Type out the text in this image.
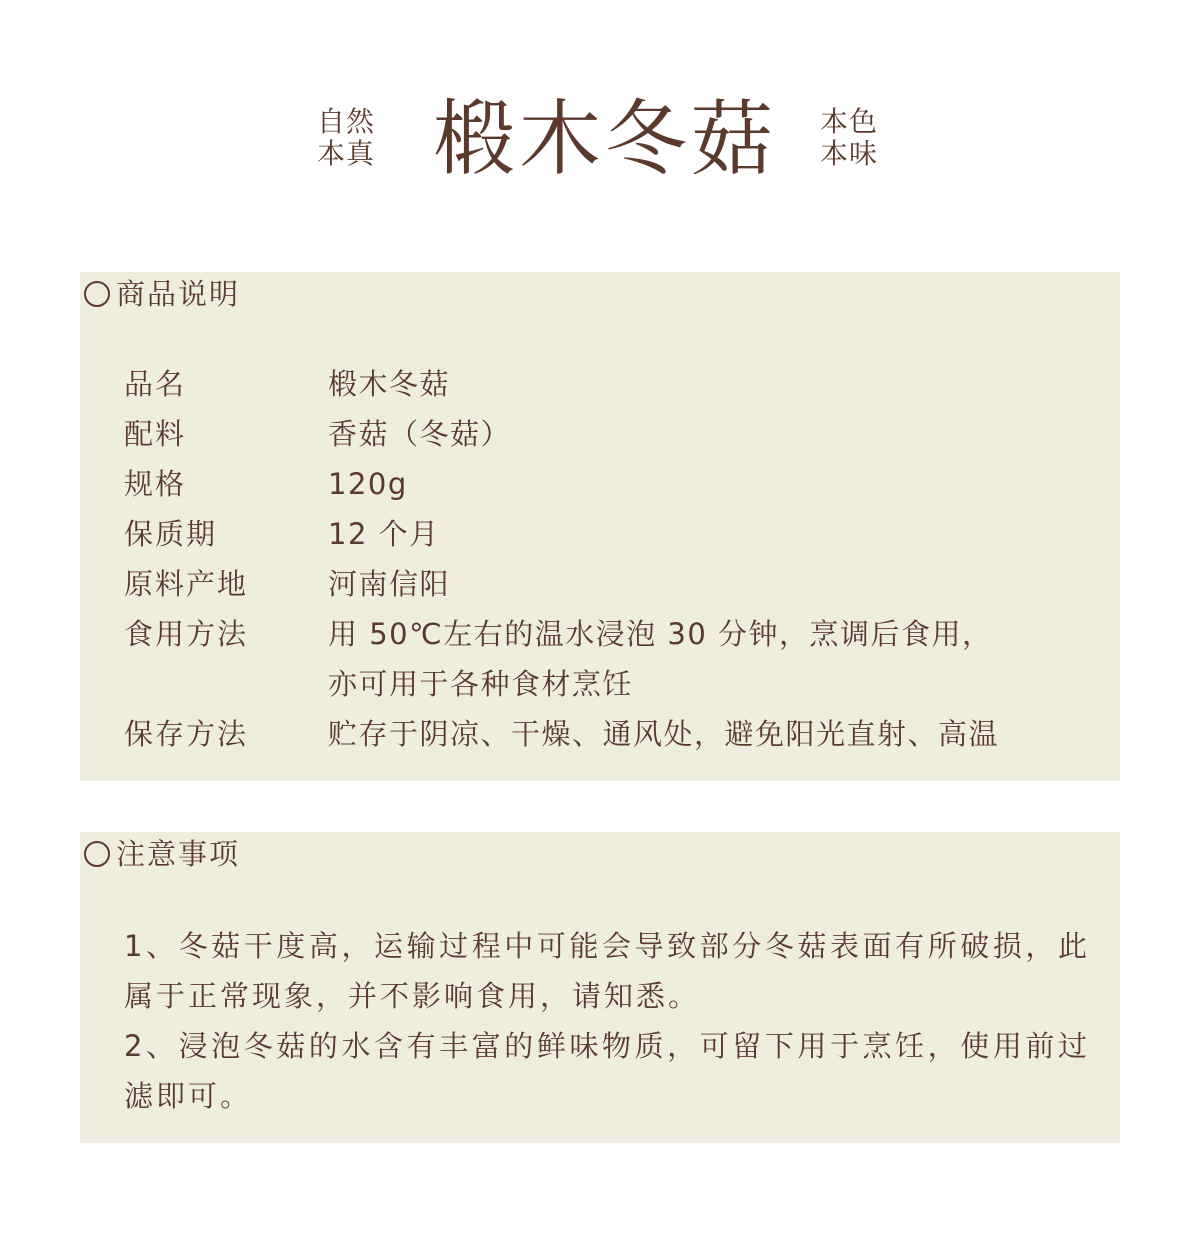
自然
本真 椴木冬菇 本色
本味
商品说明
品名	椴木冬菇
配料	香菇（冬菇）
规格	120g
保质期	12 个月
原料产地	河南信阳
食用方法	用 50℃左右的温水浸泡 30 分钟，烹调后食用，
亦可用于各种食材烹饪
保存方法	贮存于阴凉、干燥、通风处，避免阳光直射、高温
注意事项

1、冬菇干度高，运输过程中可能会导致部分冬菇表面有所破损，此属于正常现象，并不影响食用，请知悉。

2、浸泡冬菇的水含有丰富的鲜味物质，可留下用于烹饪，使用前过滤即可。
